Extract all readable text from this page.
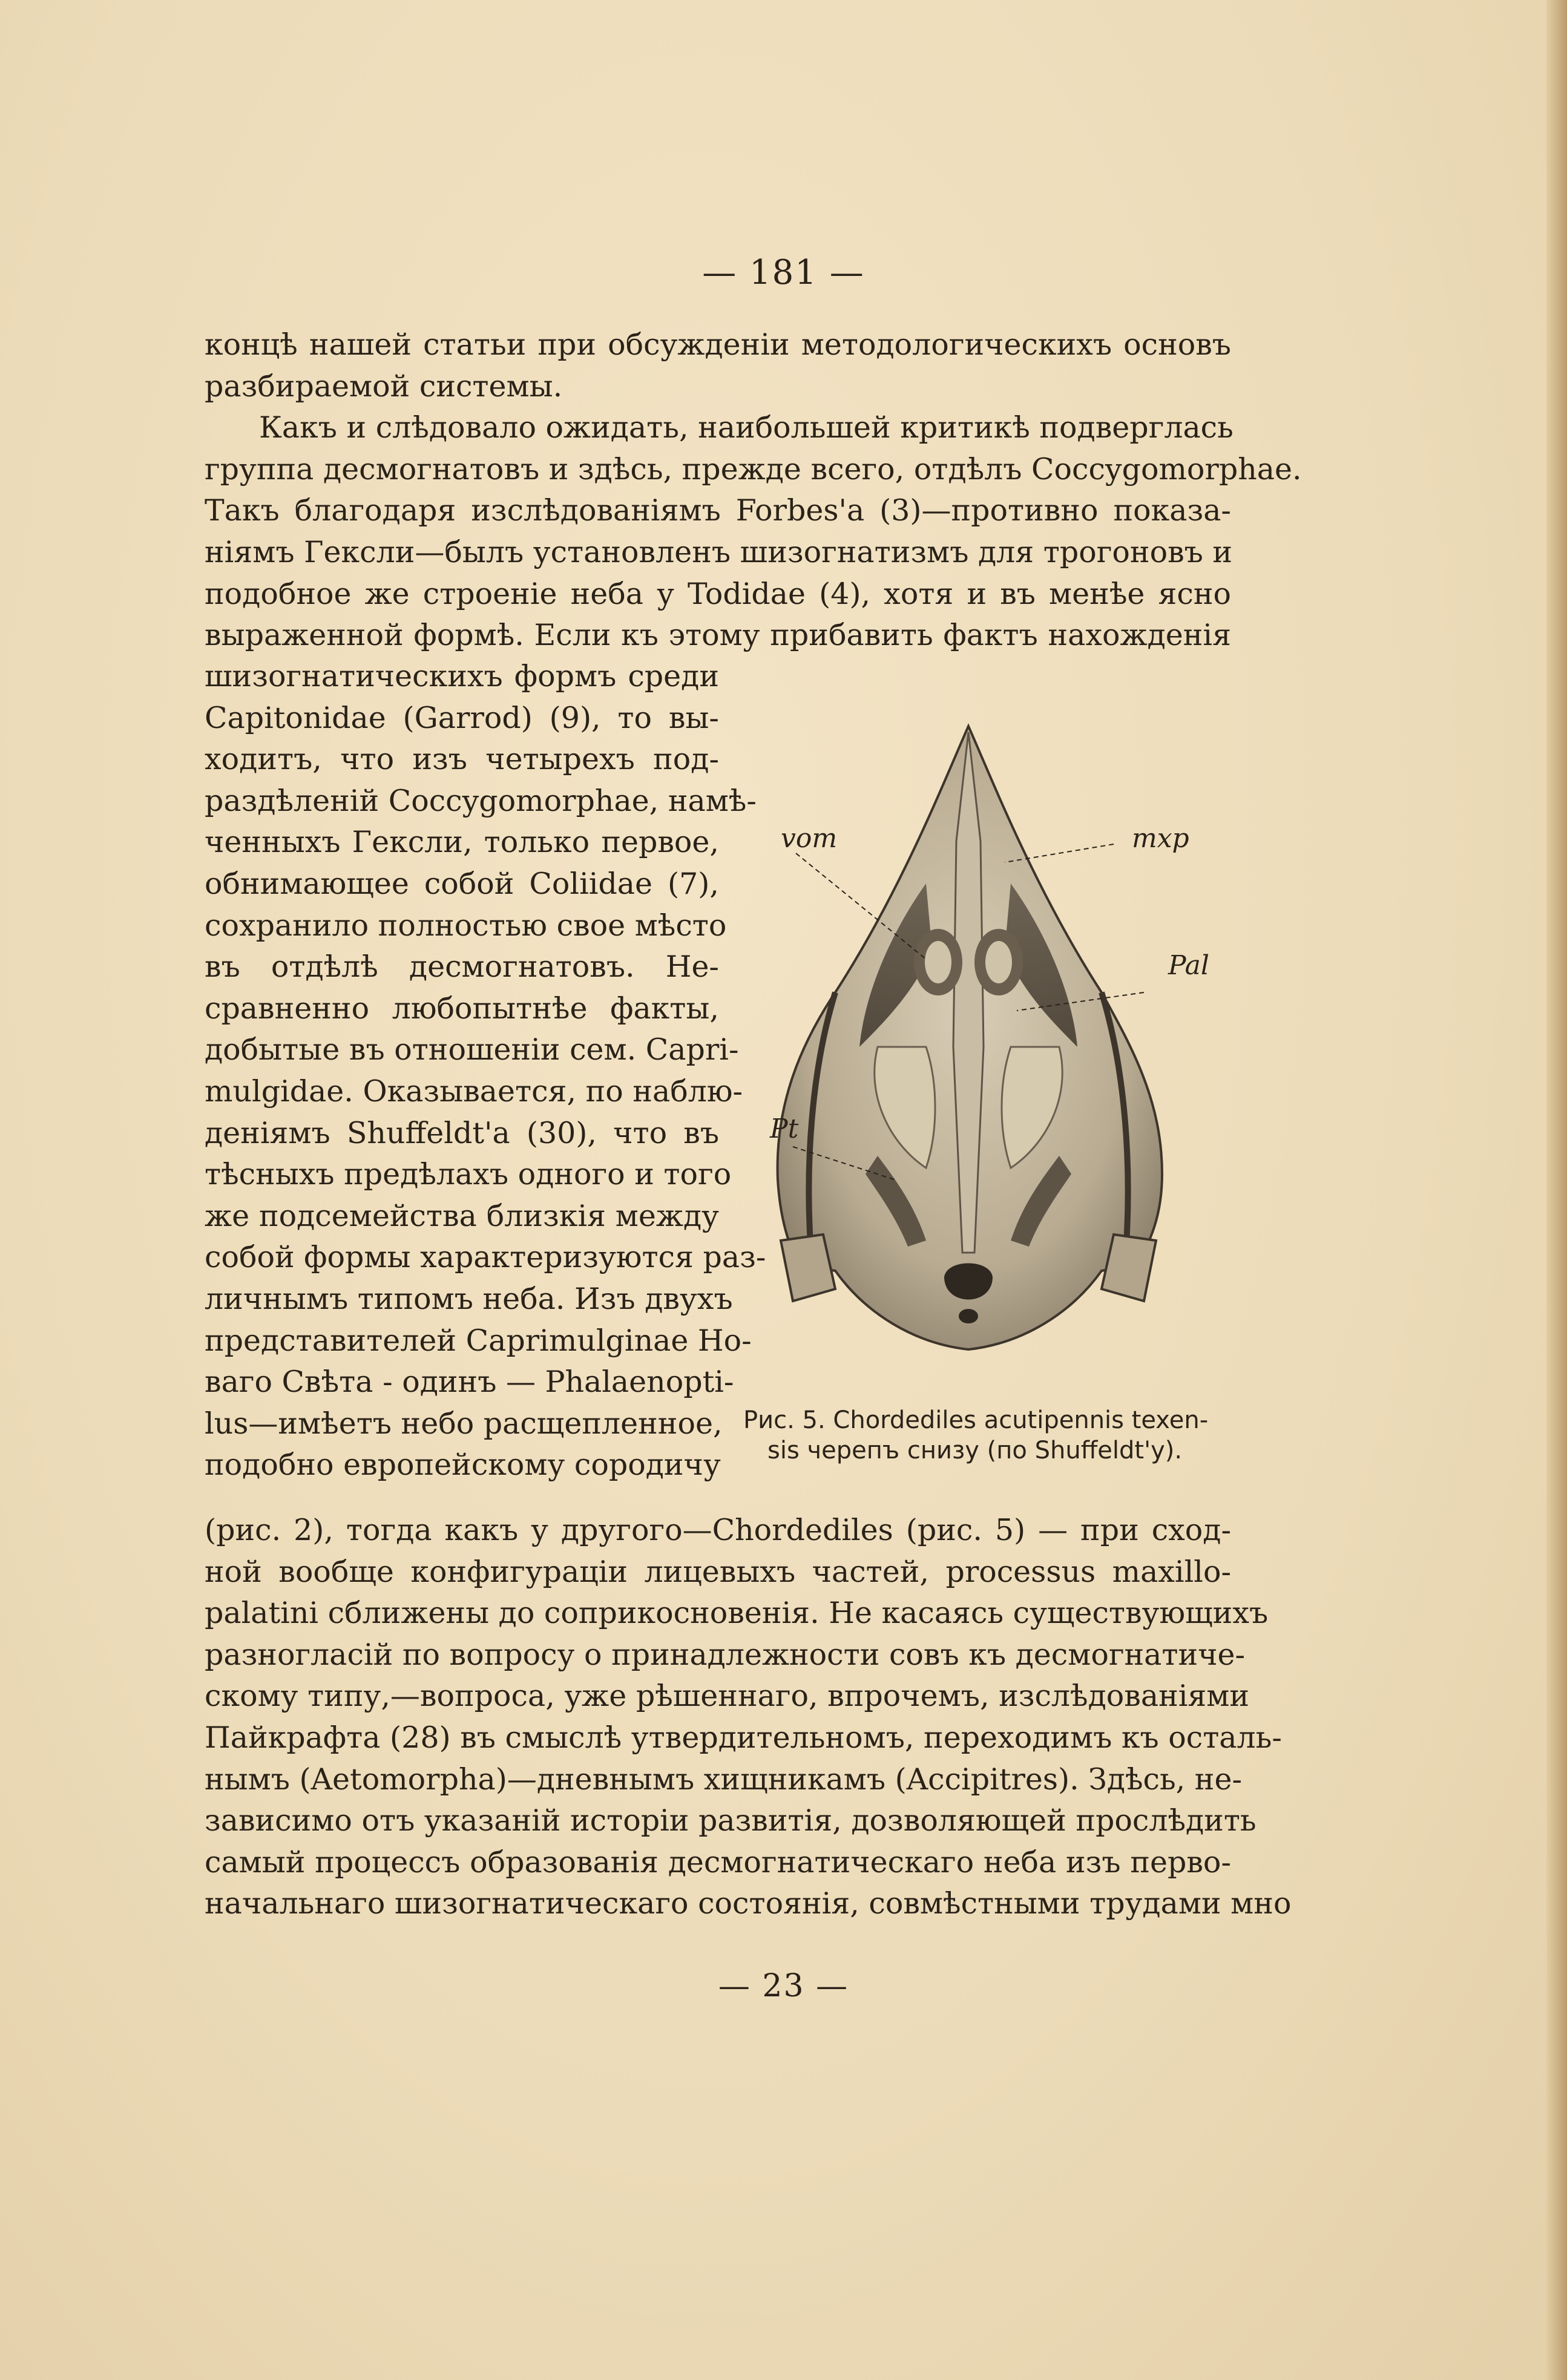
— 181 —
концѣ нашей статьи при обсужденіи методологическихъ основъ
разбираемой системы.
Какъ и слѣдовало ожидать, наибольшей критикѣ подверглась
группа десмогнатовъ и здѣсь, прежде всего, отдѣлъ Coccygomorphae.
Такъ благодаря изслѣдованіямъ Forbes'a (3)—противно показа-
ніямъ Гексли—былъ установленъ шизогнатизмъ для трогоновъ и
подобное же строеніе неба у Todidae (4), хотя и въ менѣе ясно
выраженной формѣ. Если къ этому прибавить фактъ нахожденія
шизогнатическихъ формъ среди
Capitonidae (Garrod) (9), то вы-
ходитъ, что изъ четырехъ под-
раздѣленій Coccygomorphae, намѣ-
ченныхъ Гексли, только первое,
обнимающее собой Coliidae (7),
сохранило полностью свое мѣсто
въ отдѣлѣ десмогнатовъ. Не-
сравненно любопытнѣе факты,
добытые въ отношеніи сем. Capri-
mulgidae. Оказывается, по наблю-
деніямъ Shuffeldt'a (30), что въ
тѣсныхъ предѣлахъ одного и того
же подсемейства близкія между
собой формы характеризуются раз-
личнымъ типомъ неба. Изъ двухъ
представителей Caprimulginae Но-
ваго Свѣта - одинъ — Phalaenopti-
lus—имѣетъ небо расщепленное,
подобно европейскому сородичу
vom	mxp
Pal
Pt
Рис. 5. Chordediles acutipennis texen-
sis черепъ снизу (по Shuffeldt'y).
(рис. 2), тогда какъ у другого—Chordediles (рис. 5) — при сход-
ной вообще конфигураціи лицевыхъ частей, processus maxillo-
palatini сближены до соприкосновенія. Не касаясь существующихъ
разногласій по вопросу о принадлежности совъ къ десмогнатиче-
скому типу,—вопроса, уже рѣшеннаго, впрочемъ, изслѣдованіями
Пайкрафта (28) въ смыслѣ утвердительномъ, переходимъ къ осталь-
нымъ (Aetomorpha)—дневнымъ хищникамъ (Accipitres). Здѣсь, не-
зависимо отъ указаній исторіи развитія, дозволяющей прослѣдить
самый процессъ образованія десмогнатическаго неба изъ перво-
начальнаго шизогнатическаго состоянія, совмѣстными трудами мно
— 23 —
